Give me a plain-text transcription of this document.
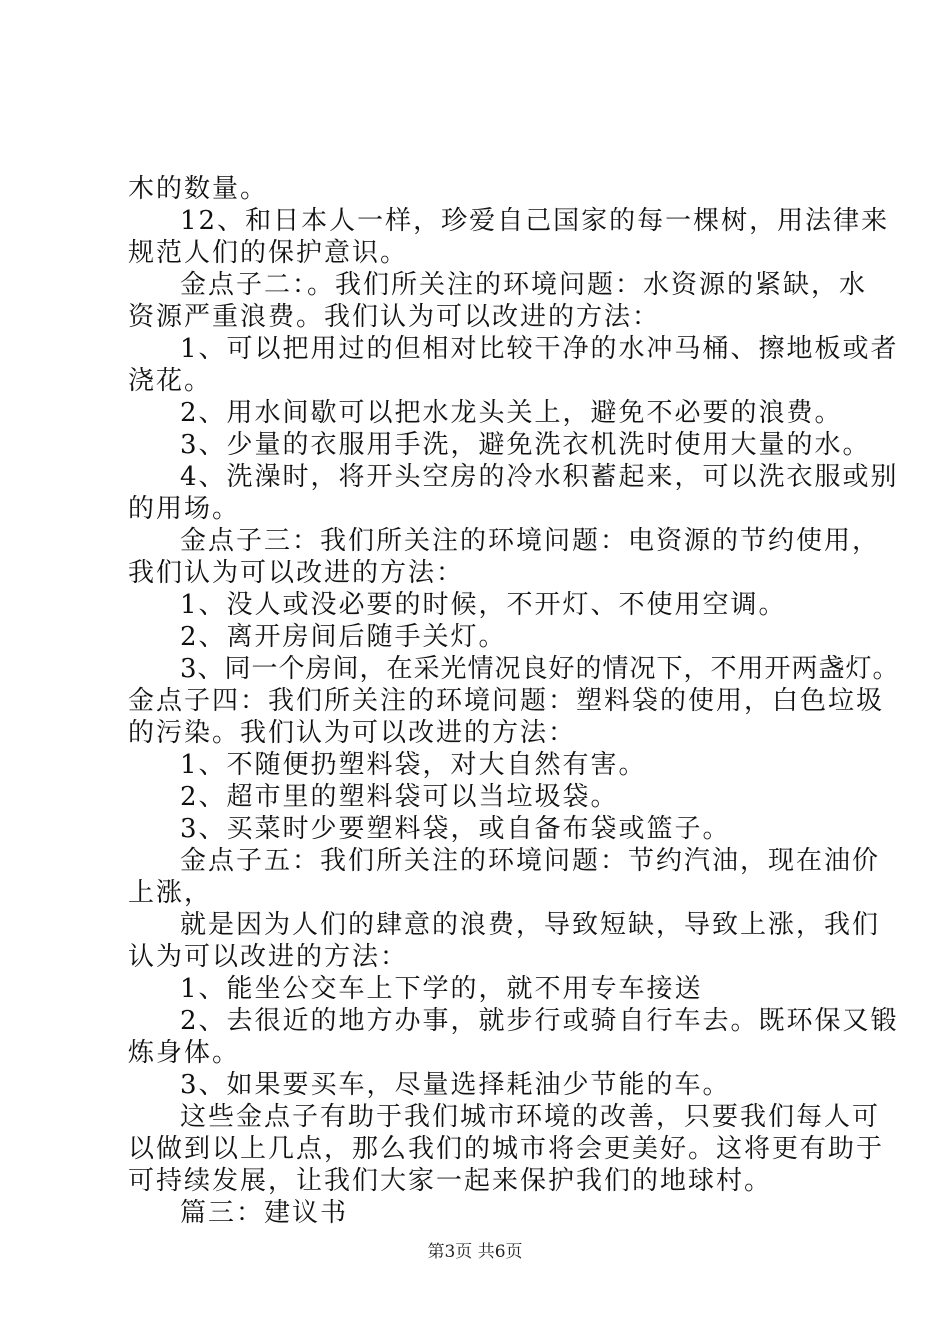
木的数量。
12、和日本人一样，珍爱自己国家的每一棵树，用法律来
规范人们的保护意识。
金点子二：。我们所关注的环境问题：水资源的紧缺，水
资源严重浪费。我们认为可以改进的方法：
1、可以把用过的但相对比较干净的水冲马桶、擦地板或者
浇花。
2、用水间歇可以把水龙头关上，避免不必要的浪费。
3、少量的衣服用手洗，避免洗衣机洗时使用大量的水。
4、洗澡时，将开头空房的冷水积蓄起来，可以洗衣服或别
的用场。
金点子三：我们所关注的环境问题：电资源的节约使用，
我们认为可以改进的方法：
1、没人或没必要的时候，不开灯、不使用空调。
2、离开房间后随手关灯。
3、同一个房间，在采光情况良好的情况下，不用开两盏灯。
金点子四：我们所关注的环境问题：塑料袋的使用，白色垃圾
的污染。我们认为可以改进的方法：
1、不随便扔塑料袋，对大自然有害。
2、超市里的塑料袋可以当垃圾袋。
3、买菜时少要塑料袋，或自备布袋或篮子。
金点子五：我们所关注的环境问题：节约汽油，现在油价
上涨，
就是因为人们的肆意的浪费，导致短缺，导致上涨，我们
认为可以改进的方法：
1、能坐公交车上下学的，就不用专车接送
2、去很近的地方办事，就步行或骑自行车去。既环保又锻
炼身体。
3、如果要买车，尽量选择耗油少节能的车。
这些金点子有助于我们城市环境的改善，只要我们每人可
以做到以上几点，那么我们的城市将会更美好。这将更有助于
可持续发展，让我们大家一起来保护我们的地球村。
篇三：建议书
第3页 共6页
